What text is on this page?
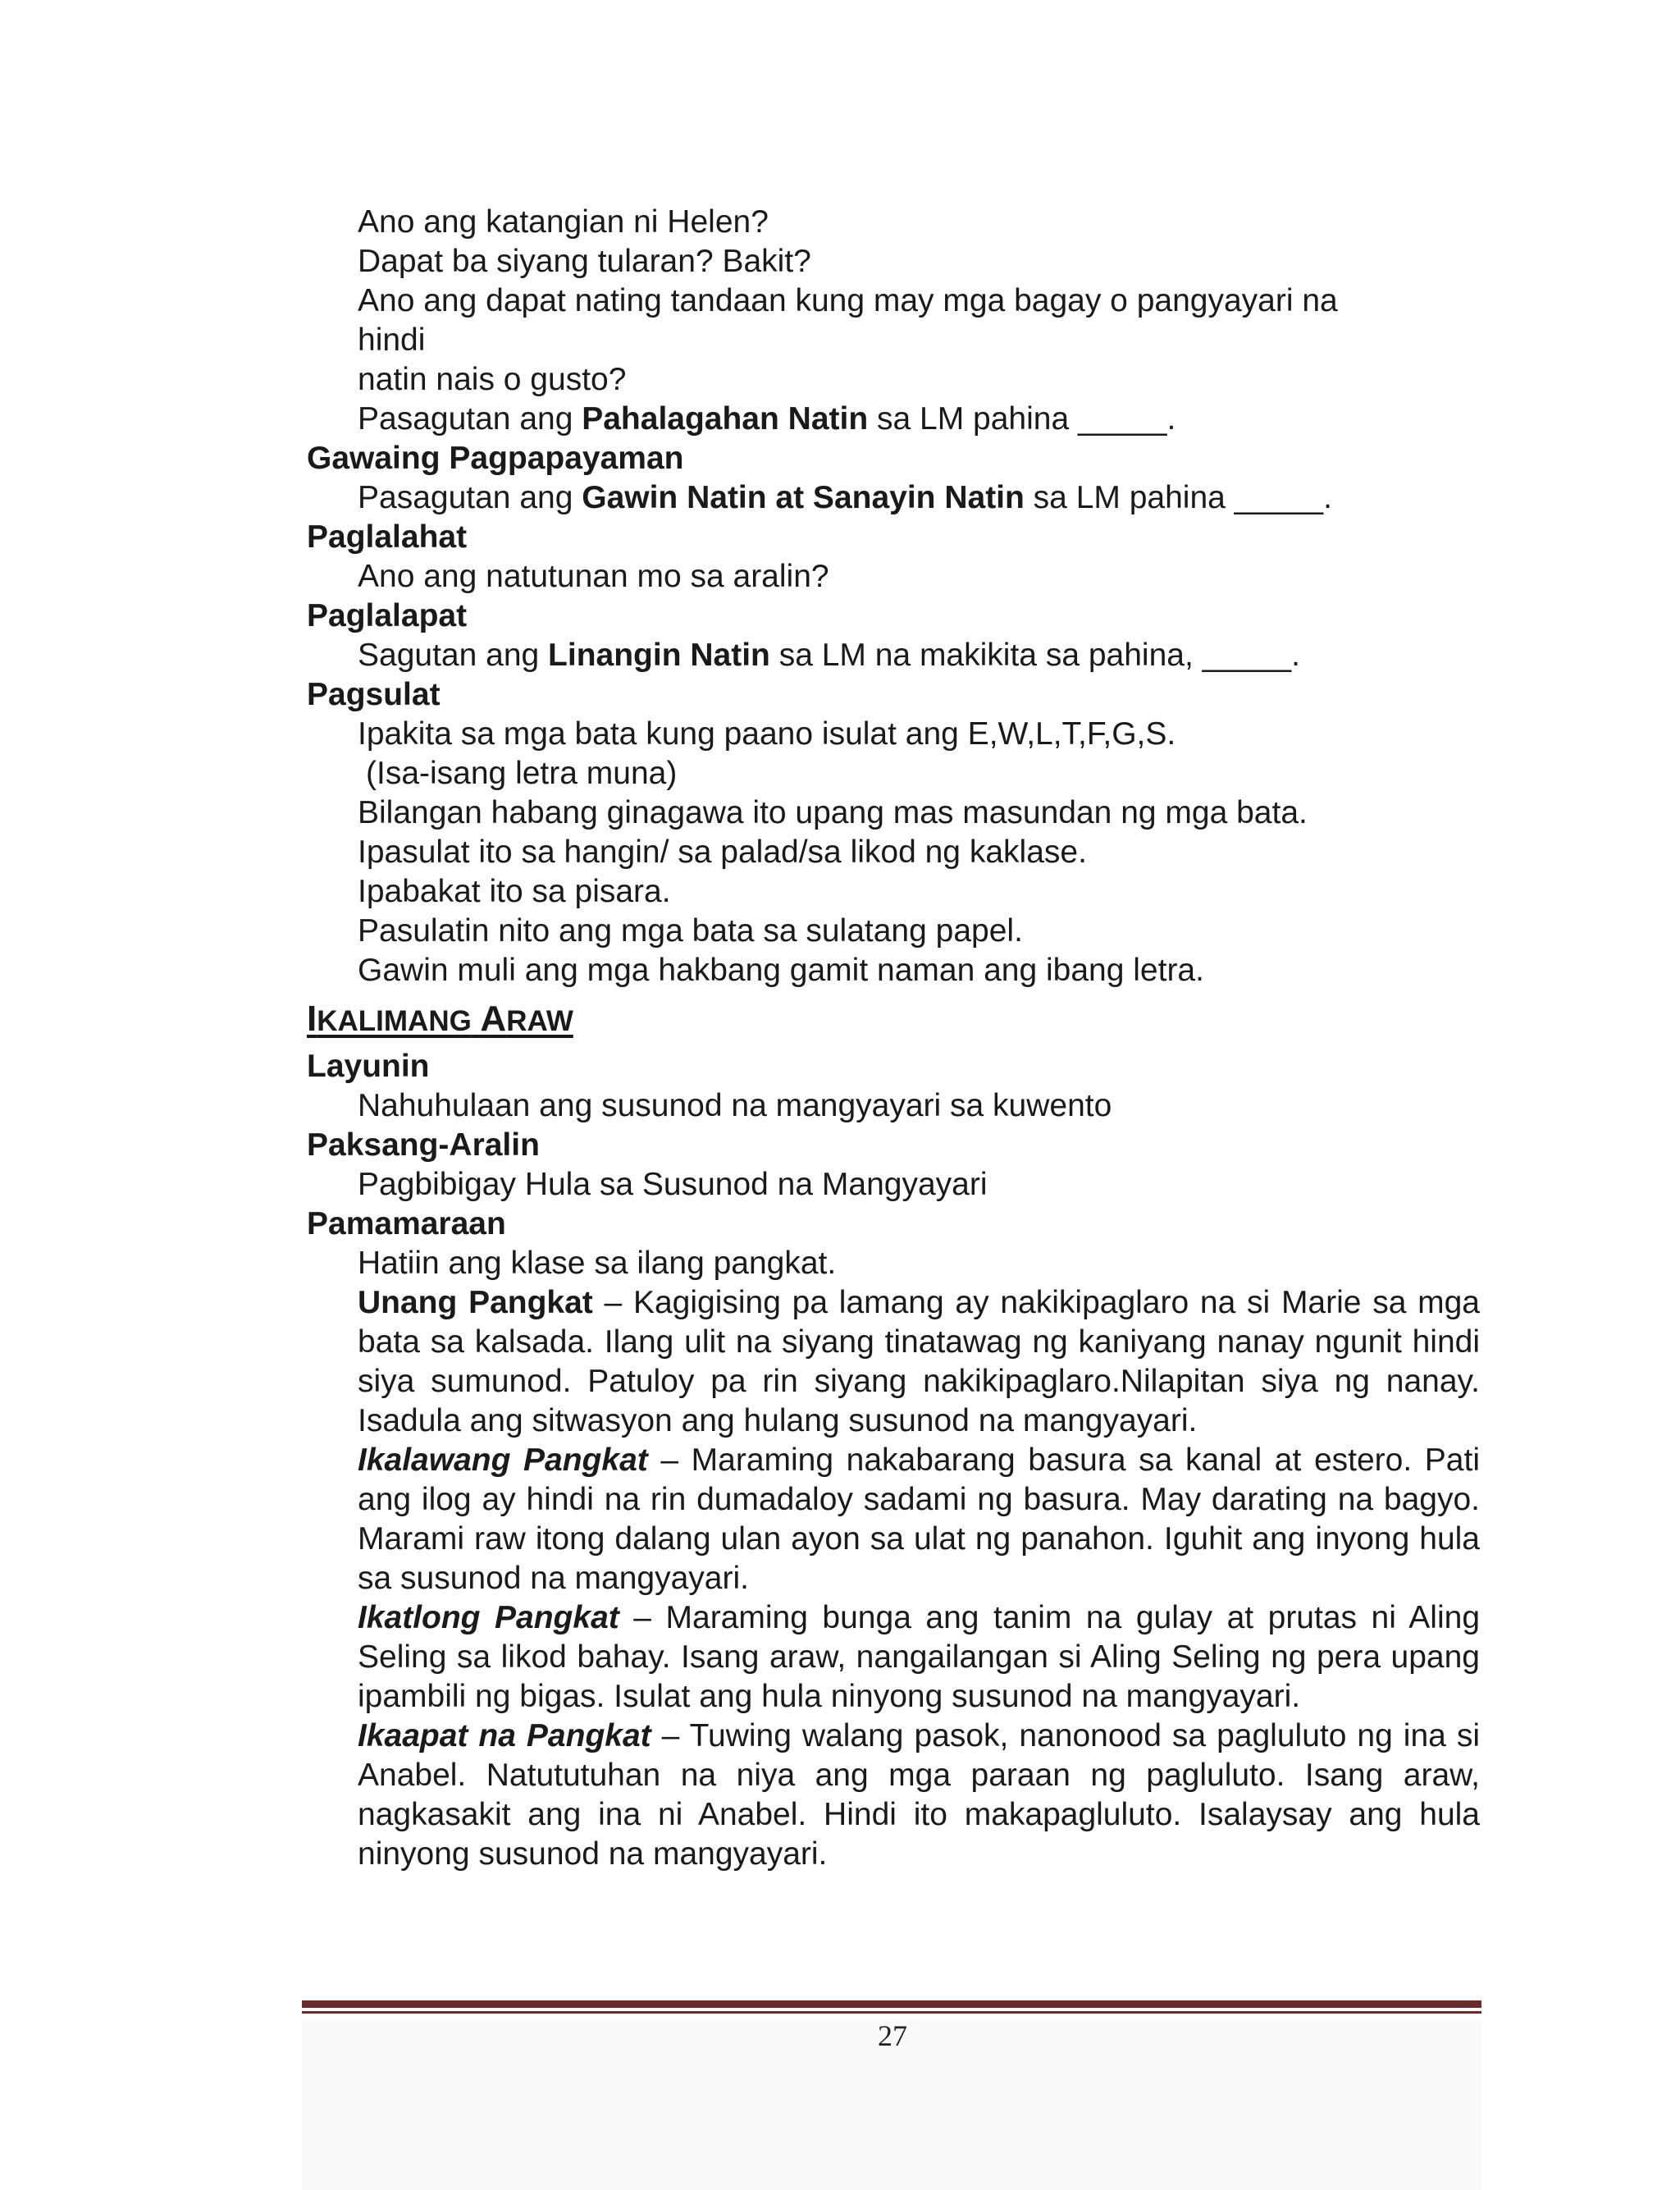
Ano ang katangian ni Helen?
Dapat ba siyang tularan? Bakit?
Ano ang dapat nating tandaan kung may mga bagay o pangyayari na
hindi
natin nais o gusto?
Pasagutan ang Pahalagahan Natin sa LM pahina _____.
Gawaing Pagpapayaman
Pasagutan ang Gawin Natin at Sanayin Natin sa LM pahina _____.
Paglalahat
Ano ang natutunan mo sa aralin?
Paglalapat
Sagutan ang Linangin Natin sa LM na makikita sa pahina, _____.
Pagsulat
Ipakita sa mga bata kung paano isulat ang E,W,L,T,F,G,S.
(Isa-isang letra muna)
Bilangan habang ginagawa ito upang mas masundan ng mga bata.
Ipasulat ito sa hangin/ sa palad/sa likod ng kaklase.
Ipabakat ito sa pisara.
Pasulatin nito ang mga bata sa sulatang papel.
Gawin muli ang mga hakbang gamit naman ang ibang letra.
IKALIMANG ARAW
Layunin
Nahuhulaan ang susunod na mangyayari sa kuwento
Paksang-Aralin
Pagbibigay Hula sa Susunod na Mangyayari
Pamamaraan
Hatiin ang klase sa ilang pangkat.

Unang Pangkat – Kagigising pa lamang ay nakikipaglaro na si Marie sa mga bata sa kalsada. Ilang ulit na siyang tinatawag ng kaniyang nanay ngunit hindi siya sumunod. Patuloy pa rin siyang nakikipaglaro.Nilapitan siya ng nanay. Isadula ang sitwasyon ang hulang susunod na mangyayari.

Ikalawang Pangkat – Maraming nakabarang basura sa kanal at estero. Pati ang ilog ay hindi na rin dumadaloy sadami ng basura. May darating na bagyo. Marami raw itong dalang ulan ayon sa ulat ng panahon. Iguhit ang inyong hula sa susunod na mangyayari.

Ikatlong Pangkat – Maraming bunga ang tanim na gulay at prutas ni Aling Seling sa likod bahay. Isang araw, nangailangan si Aling Seling ng pera upang ipambili ng bigas. Isulat ang hula ninyong susunod na mangyayari.

Ikaapat na Pangkat – Tuwing walang pasok, nanonood sa pagluluto ng ina si Anabel. Natututuhan na niya ang mga paraan ng pagluluto. Isang araw, nagkasakit ang ina ni Anabel. Hindi ito makapagluluto. Isalaysay ang hula ninyong susunod na mangyayari.

27
